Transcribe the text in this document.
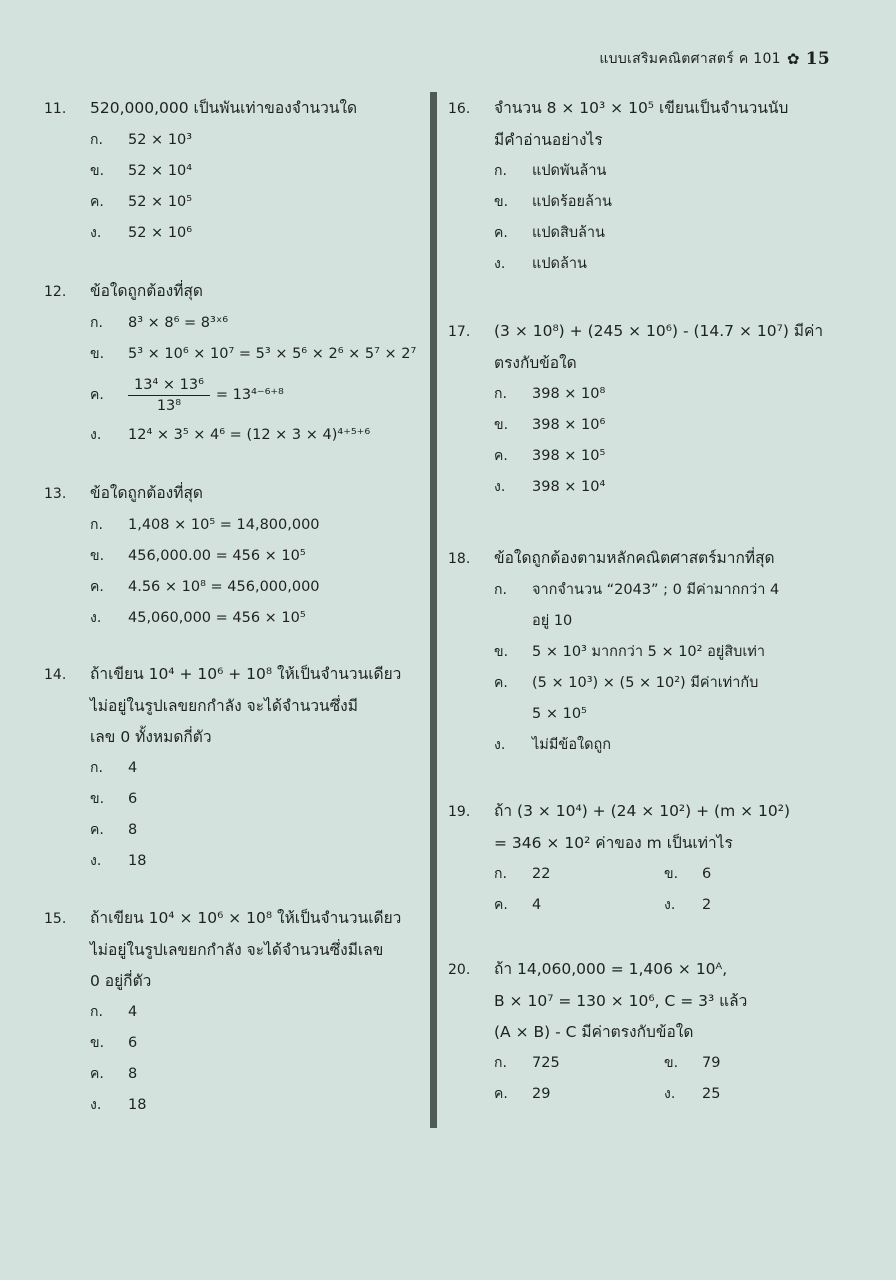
แบบเสริมคณิตศาสตร์ ค 101 ✿ 15
11.	520,000,000 เป็นพันเท่าของจำนวนใด
ก.	52 × 10³
ข.	52 × 10⁴
ค.	52 × 10⁵
ง.	52 × 10⁶
12.	ข้อใดถูกต้องที่สุด
ก.	8³ × 8⁶ = 8³ˣ⁶
ข.	5³ × 10⁶ × 10⁷ = 5³ × 5⁶ × 2⁶ × 5⁷ × 2⁷
ค.	$\frac{\text{13⁴ × 13⁶}}{\text{13⁸}} = 13^{4-6+8}$
ง.	12⁴ × 3⁵ × 4⁶ = (12 × 3 × 4)⁴⁺⁵⁺⁶
13.	ข้อใดถูกต้องที่สุด
ก.	1,408 × 10⁵ = 14,800,000
ข.	456,000.00 = 456 × 10⁵
ค.	4.56 × 10⁸ = 456,000,000
ง.	45,060,000 = 456 × 10⁵
14.	ถ้าเขียน 10⁴ + 10⁶ + 10⁸ ให้เป็นจำนวนเดียว
ไม่อยู่ในรูปเลขยกกำลัง จะได้จำนวนซึ่งมี
เลข 0 ทั้งหมดกี่ตัว
ก.	4
ข.	6
ค.	8
ง.	18
15.	ถ้าเขียน 10⁴ × 10⁶ × 10⁸ ให้เป็นจำนวนเดียว
ไม่อยู่ในรูปเลขยกกำลัง จะได้จำนวนซึ่งมีเลข
0 อยู่กี่ตัว
ก.	4
ข.	6
ค.	8
ง.	18
16.	จำนวน 8 × 10³ × 10⁵ เขียนเป็นจำนวนนับ
มีคำอ่านอย่างไร
ก.	แปดพันล้าน
ข.	แปดร้อยล้าน
ค.	แปดสิบล้าน
ง.	แปดล้าน
17.	(3 × 10⁸) + (245 × 10⁶) - (14.7 × 10⁷) มีค่า
ตรงกับข้อใด
ก.	398 × 10⁸
ข.	398 × 10⁶
ค.	398 × 10⁵
ง.	398 × 10⁴
18.	ข้อใดถูกต้องตามหลักคณิตศาสตร์มากที่สุด
ก.	จากจำนวน “2043” ; 0 มีค่ามากกว่า 4
อยู่ 10
ข.	5 × 10³ มากกว่า 5 × 10² อยู่สิบเท่า
ค.	(5 × 10³) × (5 × 10²) มีค่าเท่ากับ
5 × 10⁵
ง.	ไม่มีข้อใดถูก
19.	ถ้า (3 × 10⁴) + (24 × 10²) + (m × 10²)
= 346 × 10² ค่าของ m เป็นเท่าไร
ก.	22	ข.	6
ค.	4	ง.	2
20.	ถ้า 14,060,000 = 1,406 × 10ᴬ,
B × 10⁷ = 130 × 10⁶, C = 3³ แล้ว
(A × B) - C มีค่าตรงกับข้อใด
ก.	725	ข.	79
ค.	29	ง.	25
